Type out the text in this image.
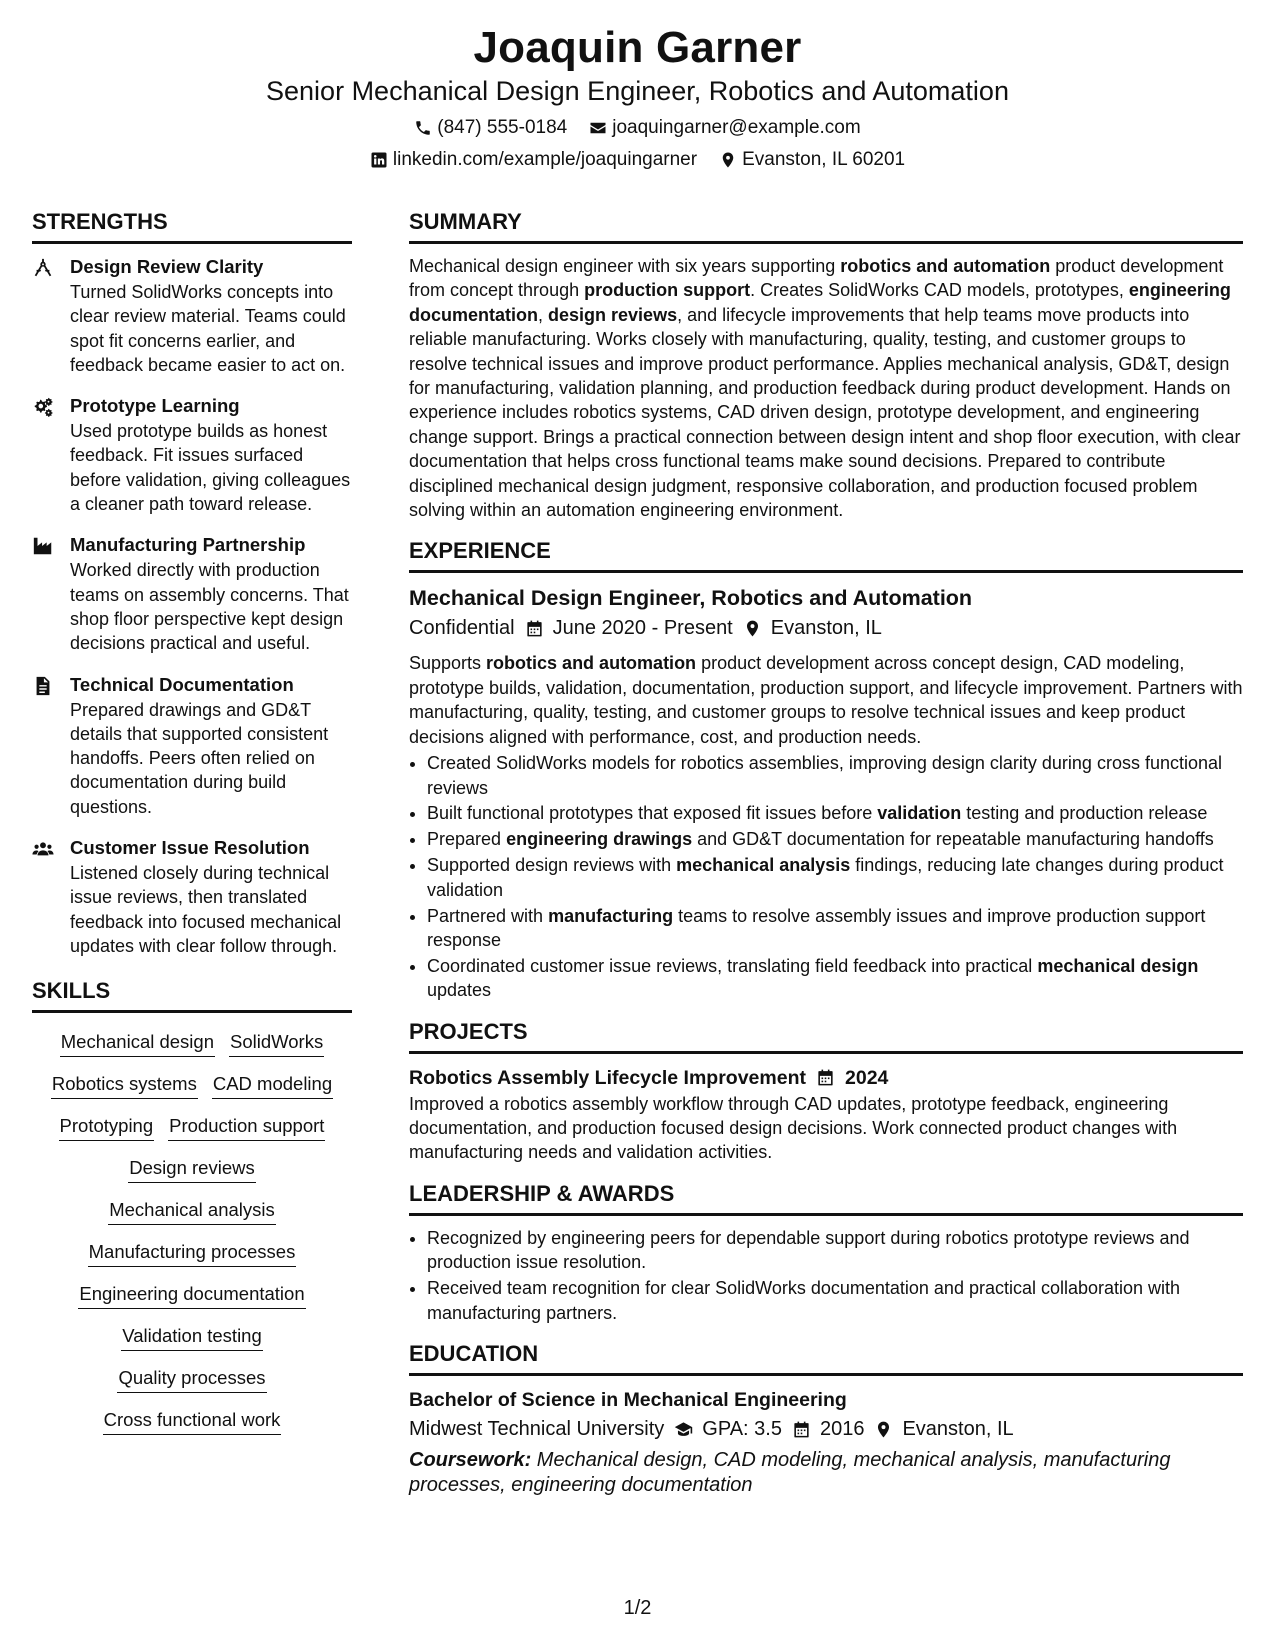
Joaquin Garner
Senior Mechanical Design Engineer, Robotics and Automation
(847) 555-0184 joaquingarner@example.com
linkedin.com/example/joaquingarner Evanston, IL 60201
STRENGTHS
Design Review Clarity
Turned SolidWorks concepts into clear review material. Teams could spot fit concerns earlier, and feedback became easier to act on.
Prototype Learning
Used prototype builds as honest feedback. Fit issues surfaced before validation, giving colleagues a cleaner path toward release.
Manufacturing Partnership
Worked directly with production teams on assembly concerns. That shop floor perspective kept design decisions practical and useful.
Technical Documentation
Prepared drawings and GD&T details that supported consistent handoffs. Peers often relied on documentation during build questions.
Customer Issue Resolution
Listened closely during technical issue reviews, then translated feedback into focused mechanical updates with clear follow through.
SKILLS
Mechanical design SolidWorks
Robotics systems CAD modeling
Prototyping Production support
Design reviews
Mechanical analysis
Manufacturing processes
Engineering documentation
Validation testing
Quality processes
Cross functional work
SUMMARY
Mechanical design engineer with six years supporting robotics and automation product development from concept through production support. Creates SolidWorks CAD models, prototypes, engineering documentation, design reviews, and lifecycle improvements that help teams move products into reliable manufacturing. Works closely with manufacturing, quality, testing, and customer groups to resolve technical issues and improve product performance. Applies mechanical analysis, GD&T, design for manufacturing, validation planning, and production feedback during product development. Hands on experience includes robotics systems, CAD driven design, prototype development, and engineering change support. Brings a practical connection between design intent and shop floor execution, with clear documentation that helps cross functional teams make sound decisions. Prepared to contribute disciplined mechanical design judgment, responsive collaboration, and production focused problem solving within an automation engineering environment.
EXPERIENCE
Mechanical Design Engineer, Robotics and Automation
Confidential June 2020 - Present Evanston, IL
Supports robotics and automation product development across concept design, CAD modeling, prototype builds, validation, documentation, production support, and lifecycle improvement. Partners with manufacturing, quality, testing, and customer groups to resolve technical issues and keep product decisions aligned with performance, cost, and production needs.
• Created SolidWorks models for robotics assemblies, improving design clarity during cross functional reviews
• Built functional prototypes that exposed fit issues before validation testing and production release
• Prepared engineering drawings and GD&T documentation for repeatable manufacturing handoffs
• Supported design reviews with mechanical analysis findings, reducing late changes during product validation
• Partnered with manufacturing teams to resolve assembly issues and improve production support response
• Coordinated customer issue reviews, translating field feedback into practical mechanical design updates
PROJECTS
Robotics Assembly Lifecycle Improvement 2024
Improved a robotics assembly workflow through CAD updates, prototype feedback, engineering documentation, and production focused design decisions. Work connected product changes with manufacturing needs and validation activities.
LEADERSHIP & AWARDS
• Recognized by engineering peers for dependable support during robotics prototype reviews and production issue resolution.
• Received team recognition for clear SolidWorks documentation and practical collaboration with manufacturing partners.
EDUCATION
Bachelor of Science in Mechanical Engineering
Midwest Technical University GPA: 3.5 2016 Evanston, IL
Coursework: Mechanical design, CAD modeling, mechanical analysis, manufacturing processes, engineering documentation
1/2
